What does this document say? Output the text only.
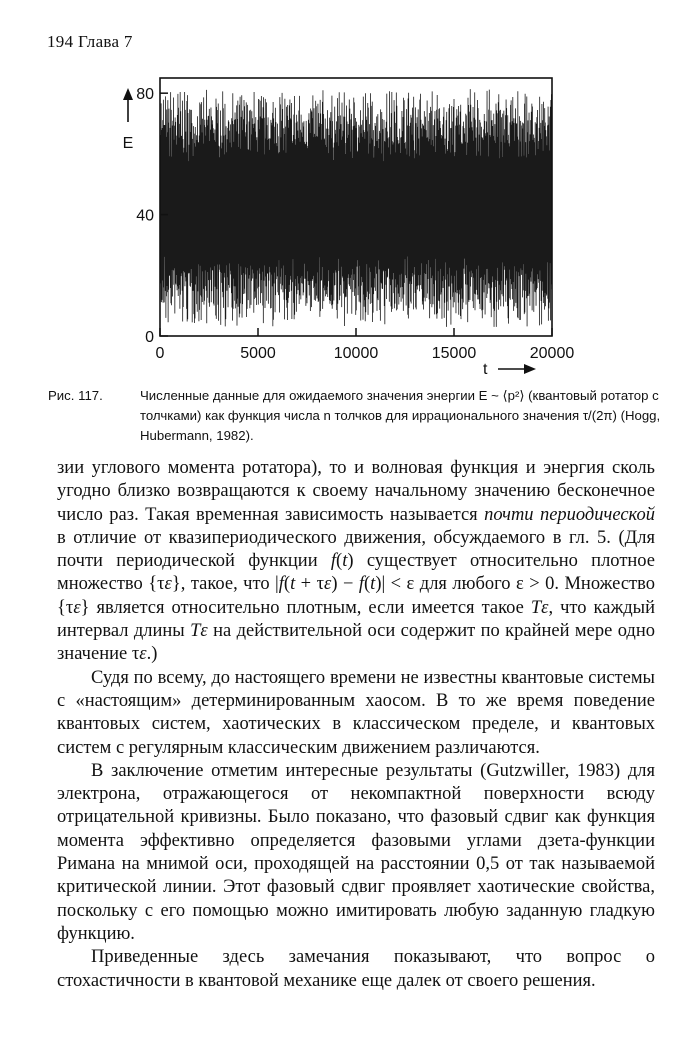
194 Глава 7
0	5000	10000	15000	20000
0
40
80
E
t
Рис. 117.	Численные данные для ожидаемого значения энергии E ~ ⟨p²⟩ (квантовый ротатор с толчками) как функция числа n толчков для иррационального значения τ/(2π) (Hogg, Hubermann, 1982).

зии углового момента ротатора), то и волновая функция и энергия сколь угодно близко возвращаются к своему начальному значению бесконечное число раз. Такая временная зависимость называется почти периодической в отличие от квазипериодического движения, обсуждаемого в гл. 5. (Для почти периодической функции f(t) существует относительно плотное множество {τε}, такое, что |f(t + τε) − f(t)| < ε для любого ε > 0. Множество {τε} является относительно плотным, если имеется такое Tε, что каждый интервал длины Tε на действительной оси содержит по крайней мере одно значение τε.)

Судя по всему, до настоящего времени не известны квантовые системы с «настоящим» детерминированным хаосом. В то же время поведение квантовых систем, хаотических в классическом пределе, и квантовых систем с регулярным классическим движением различаются.

В заключение отметим интересные результаты (Gutzwiller, 1983) для электрона, отражающегося от некомпактной поверхности всюду отрицательной кривизны. Было показано, что фазовый сдвиг как функция момента эффективно определяется фазовыми углами дзета-функции Римана на мнимой оси, проходящей на расстоянии 0,5 от так называемой критической линии. Этот фазовый сдвиг проявляет хаотические свойства, поскольку с его помощью можно имитировать любую заданную гладкую функцию.

Приведенные здесь замечания показывают, что вопрос о стохастичности в квантовой механике еще далек от своего решения.
